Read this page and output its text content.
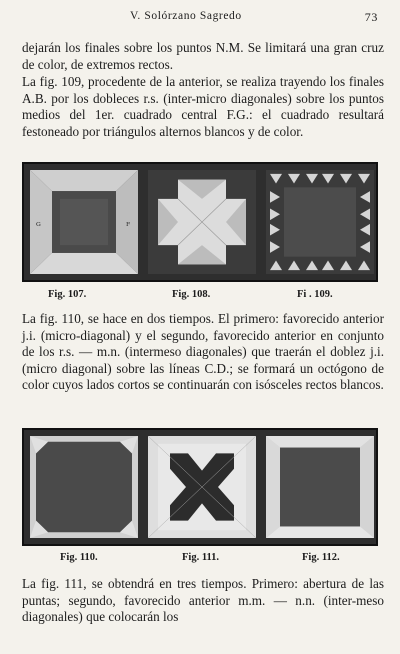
V. Solórzano Sagredo	73

dejarán los finales sobre los puntos N.M. Se limitará una gran cruz de color, de extremos rectos.

La fig. 109, procedente de la anterior, se realiza trayendo los finales A.B. por los dobleces r.s. (inter-micro diagonales) sobre los puntos medios del 1er. cuadrado central F.G.: el cuadrado resultará festoneado por triángulos alternos blancos y de color.

G	F
Fig. 107.	Fig. 108.	Fi . 109.

La fig. 110, se hace en dos tiempos. El primero: favorecido anterior j.i. (micro-diagonal) y el segundo, favorecido anterior en conjunto de los r.s. — m.n. (intermeso diagonales) que traerán el doblez j.i. (micro diagonal) sobre las líneas C.D.; se formará un octógono de color cuyos lados cortos se continuarán con isósceles rectos blancos.

Fig. 110.	Fig. 111.	Fig. 112.

La fig. 111, se obtendrá en tres tiempos. Primero: abertura de las puntas; segundo, favorecido anterior m.m. — n.n. (inter-meso diagonales) que colocarán los
